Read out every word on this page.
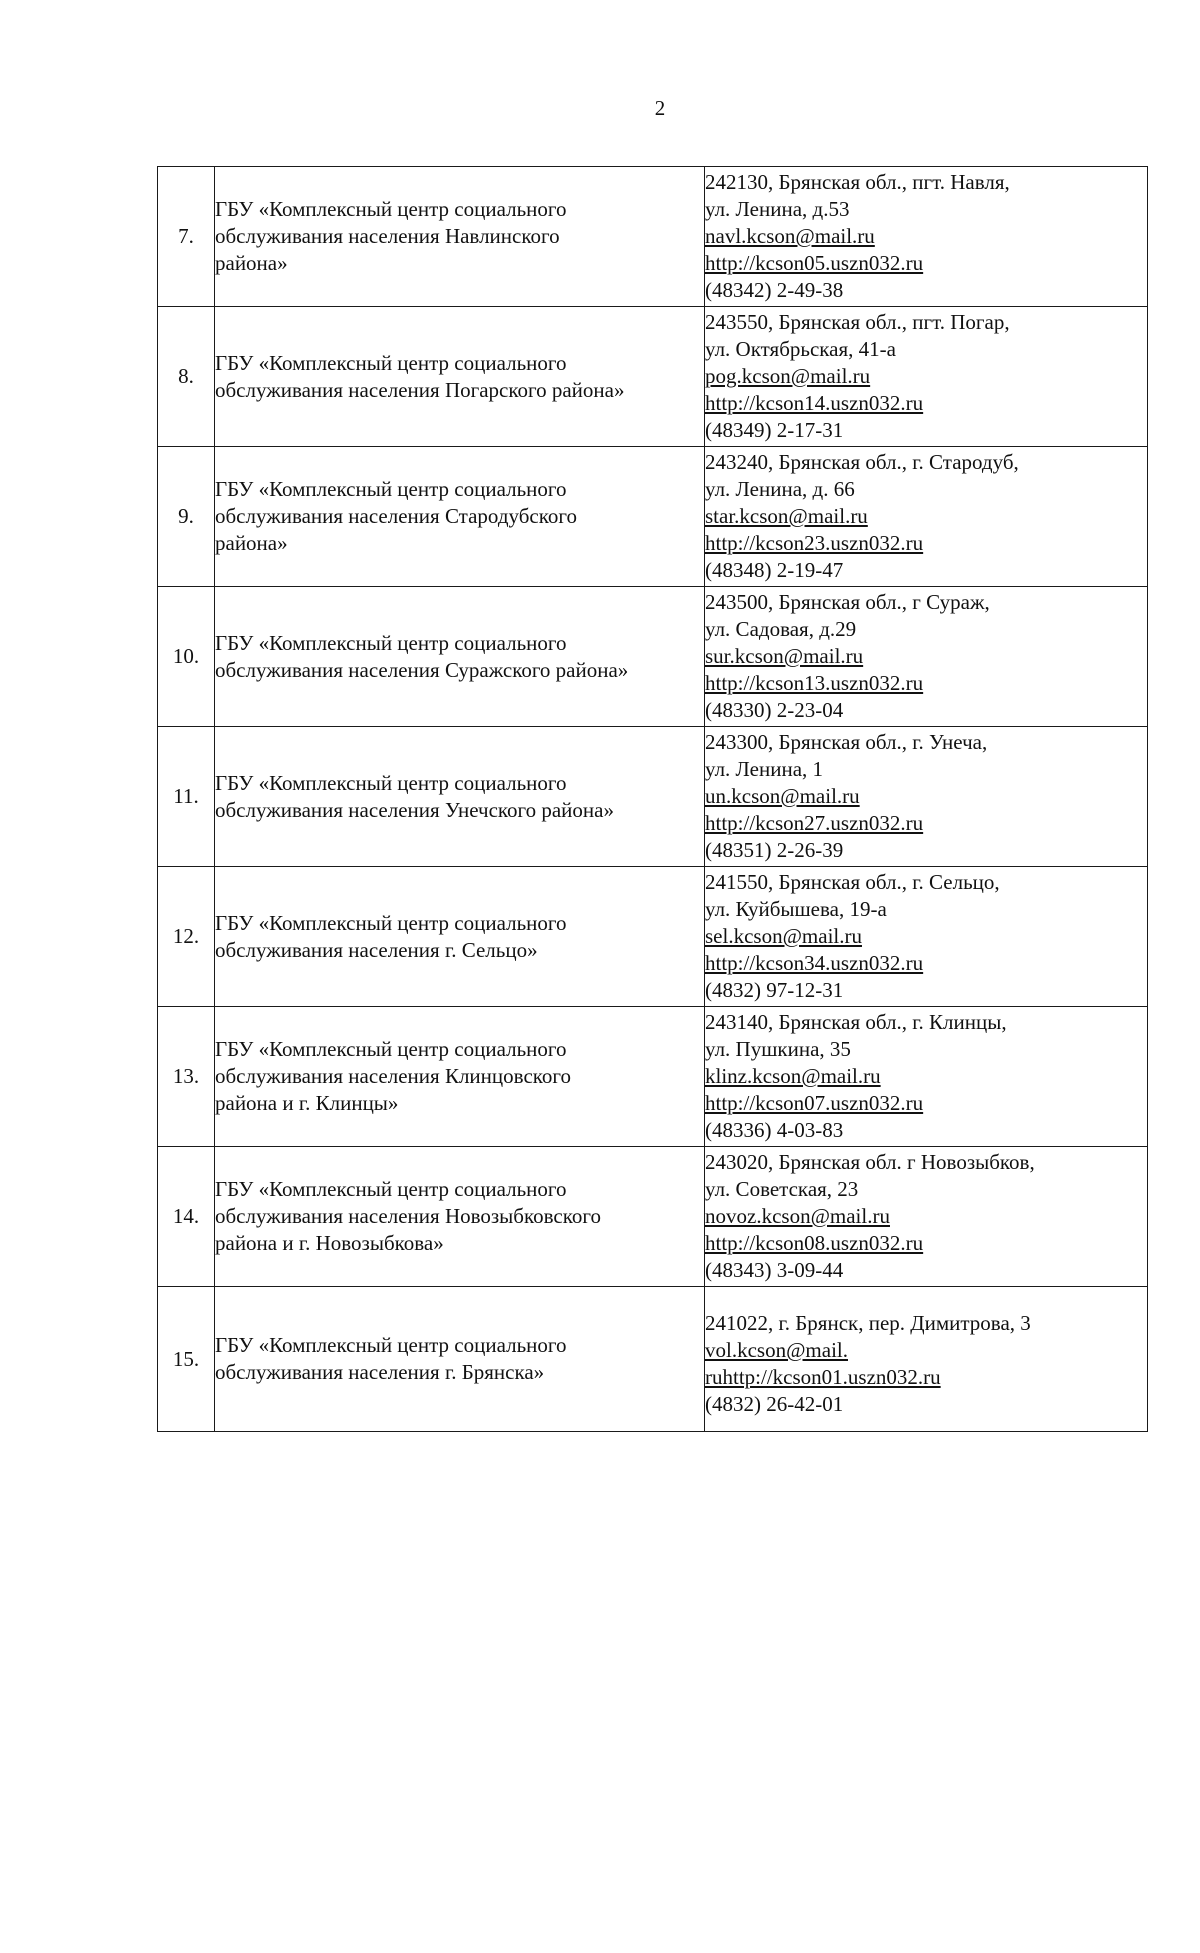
2
7.	ГБУ «Комплексный центр социального
обслуживания населения Навлинского
района»	242130, Брянская обл., пгт. Навля,
ул. Ленина, д.53
navl.kcson@mail.ru
http://kcson05.uszn032.ru
(48342) 2-49-38

8.	ГБУ «Комплексный центр социального
обслуживания населения Погарского района»	243550, Брянская обл., пгт. Погар,
ул. Октябрьская, 41-а
pog.kcson@mail.ru
http://kcson14.uszn032.ru
(48349) 2-17-31

9.	ГБУ «Комплексный центр социального
обслуживания населения Стародубского
района»	243240, Брянская обл., г. Стародуб,
ул. Ленина, д. 66
star.kcson@mail.ru
http://kcson23.uszn032.ru
(48348) 2-19-47

10.	ГБУ «Комплексный центр социального
обслуживания населения Суражского района»	243500, Брянская обл., г Сураж,
ул. Садовая, д.29
sur.kcson@mail.ru
http://kcson13.uszn032.ru
(48330) 2-23-04

11.	ГБУ «Комплексный центр социального
обслуживания населения Унечского района»	243300, Брянская обл., г. Унеча,
ул. Ленина, 1
un.kcson@mail.ru
http://kcson27.uszn032.ru
(48351) 2-26-39

12.	ГБУ «Комплексный центр социального
обслуживания населения г. Сельцо»	241550, Брянская обл., г. Сельцо,
ул. Куйбышева, 19-а
sel.kcson@mail.ru
http://kcson34.uszn032.ru
(4832) 97-12-31

13.	ГБУ «Комплексный центр социального
обслуживания населения Клинцовского
района и г. Клинцы»	243140, Брянская обл., г. Клинцы,
ул. Пушкина, 35
klinz.kcson@mail.ru
http://kcson07.uszn032.ru
(48336) 4-03-83

14.	ГБУ «Комплексный центр социального
обслуживания населения Новозыбковского
района и г. Новозыбкова»	243020, Брянская обл. г Новозыбков,
ул. Советская, 23
novoz.kcson@mail.ru
http://kcson08.uszn032.ru
(48343) 3-09-44

15.	ГБУ «Комплексный центр социального
обслуживания населения г. Брянска»	241022, г. Брянск, пер. Димитрова, 3
vol.kcson@mail.
ruhttp://kcson01.uszn032.ru
(4832) 26-42-01
